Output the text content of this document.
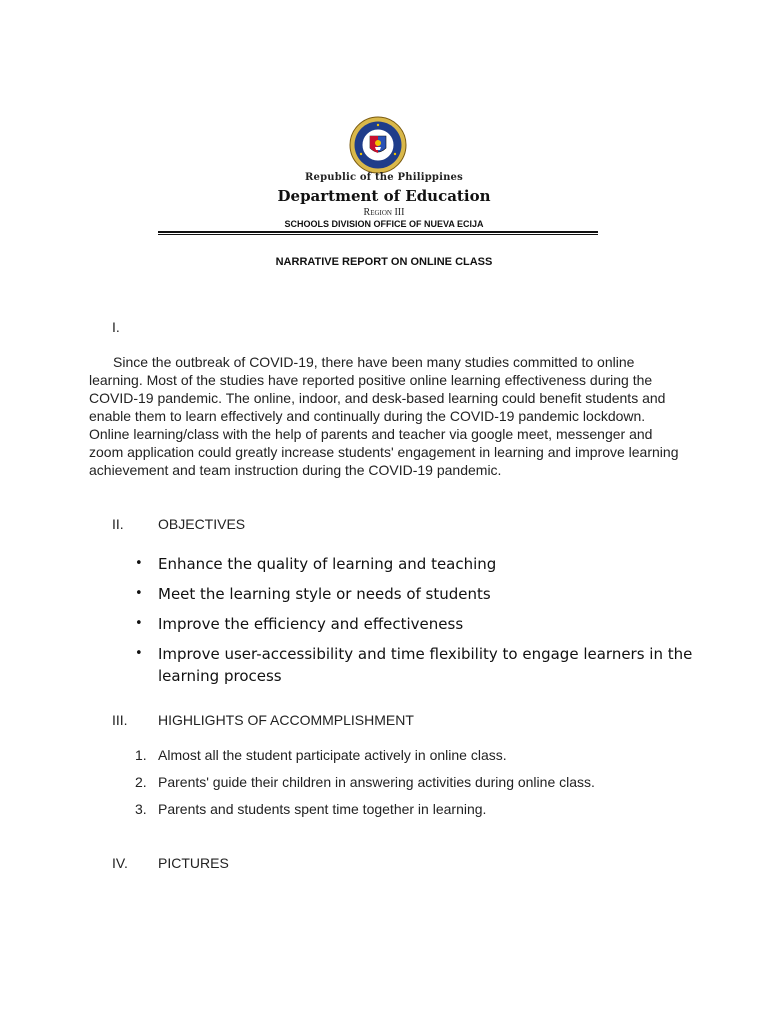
Republic of the Philippines
Department of Education
Region III
SCHOOLS DIVISION OFFICE OF NUEVA ECIJA
NARRATIVE REPORT ON ONLINE CLASS
I.

Since the outbreak of COVID-19, there have been many studies committed to online learning. Most of the studies have reported positive online learning effectiveness during the COVID-19 pandemic. The online, indoor, and desk-based learning could benefit students and enable them to learn effectively and continually during the COVID-19 pandemic lockdown. Online learning/class with the help of parents and teacher via google meet, messenger and zoom application could greatly increase students' engagement in learning and improve learning achievement and team instruction during the COVID-19 pandemic.

II. OBJECTIVES
• Enhance the quality of learning and teaching
• Meet the learning style or needs of students
• Improve the efficiency and effectiveness
• Improve user-accessibility and time flexibility to engage learners in the learning process
III. HIGHLIGHTS OF ACCOMMPLISHMENT
1. Almost all the student participate actively in online class.
2. Parents' guide their children in answering activities during online class.
3. Parents and students spent time together in learning.
IV. PICTURES
